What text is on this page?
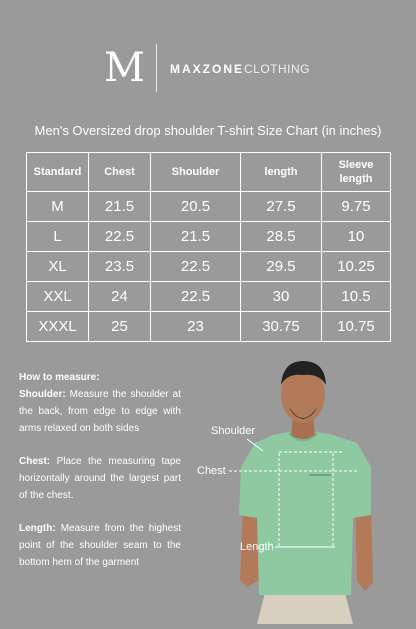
M MAXZONECLOTHING
Men's Oversized drop shoulder T-shirt Size Chart (in inches)
Standard	Chest	Shoulder	length	Sleeve length
M	21.5	20.5	27.5	9.75
L	22.5	21.5	28.5	10
XL	23.5	22.5	29.5	10.25
XXL	24	22.5	30	10.5
XXXL	25	23	30.75	10.75
How to measure:

Shoulder: Measure the shoulder at the back, from edge to edge with arms relaxed on both sides

Chest: Place the measuring tape horizontally around the largest part of the chest.

Length: Measure from the highest point of the shoulder seam to the bottom hem of the garment

Shoulder
Chest
Length
